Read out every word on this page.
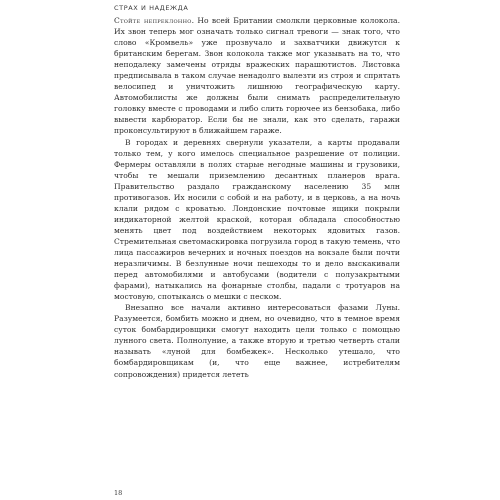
СТРАХ И НАДЕЖДА

Стойте непреклонно. Но всей Британии смолкли церковные колокола. Их звон теперь мог означать только сигнал тревоги — знак того, что слово «Кромвель» уже прозвучало и захватчики движутся к британским берегам. Звон колокола также мог указывать на то, что неподалеку замечены отряды вражеских парашютистов. Листовка предписывала в таком случае ненадолго вылезти из строя и спрятать велосипед и уничтожить лишнюю географическую карту. Автомобилисты же должны были снимать распределительную головку вместе с проводами и либо слить горючее из бензобака, либо вывести карбюратор. Если бы не знали, как это сделать, гаражи проконсультируют в ближайшем гараже.

В городах и деревнях свернули указатели, а карты продавали только тем, у кого имелось специальное разрешение от полиции. Фермеры оставляли в полях старые негодные машины и грузовики, чтобы те мешали приземлению десантных планеров врага. Правительство раздало гражданскому населению 35 млн противогазов. Их носили с собой и на работу, и в церковь, а на ночь клали рядом с кроватью. Лондонские почтовые ящики покрыли индикаторной желтой краской, которая обладала способностью менять цвет под воздействием некоторых ядовитых газов. Стремительная светомаскировка погрузила город в такую темень, что лица пассажиров вечерних и ночных поездов на вокзале были почти неразличимы. В безлунные ночи пешеходы то и дело выскакивали перед автомобилями и автобусами (водители с полузакрытыми фарами), натыкались на фонарные столбы, падали с тротуаров на мостовую, спотыкаясь о мешки с песком.

Внезапно все начали активно интересоваться фазами Луны. Разумеется, бомбить можно и днем, но очевидно, что в темное время суток бомбардировщики смогут находить цели только с помощью лунного света. Полнолуние, а также вторую и третью четверть стали называть «луной для бомбежек». Несколько утешало, что бомбардировщикам (и, что еще важнее, истребителям сопровождения) придется лететь

18
